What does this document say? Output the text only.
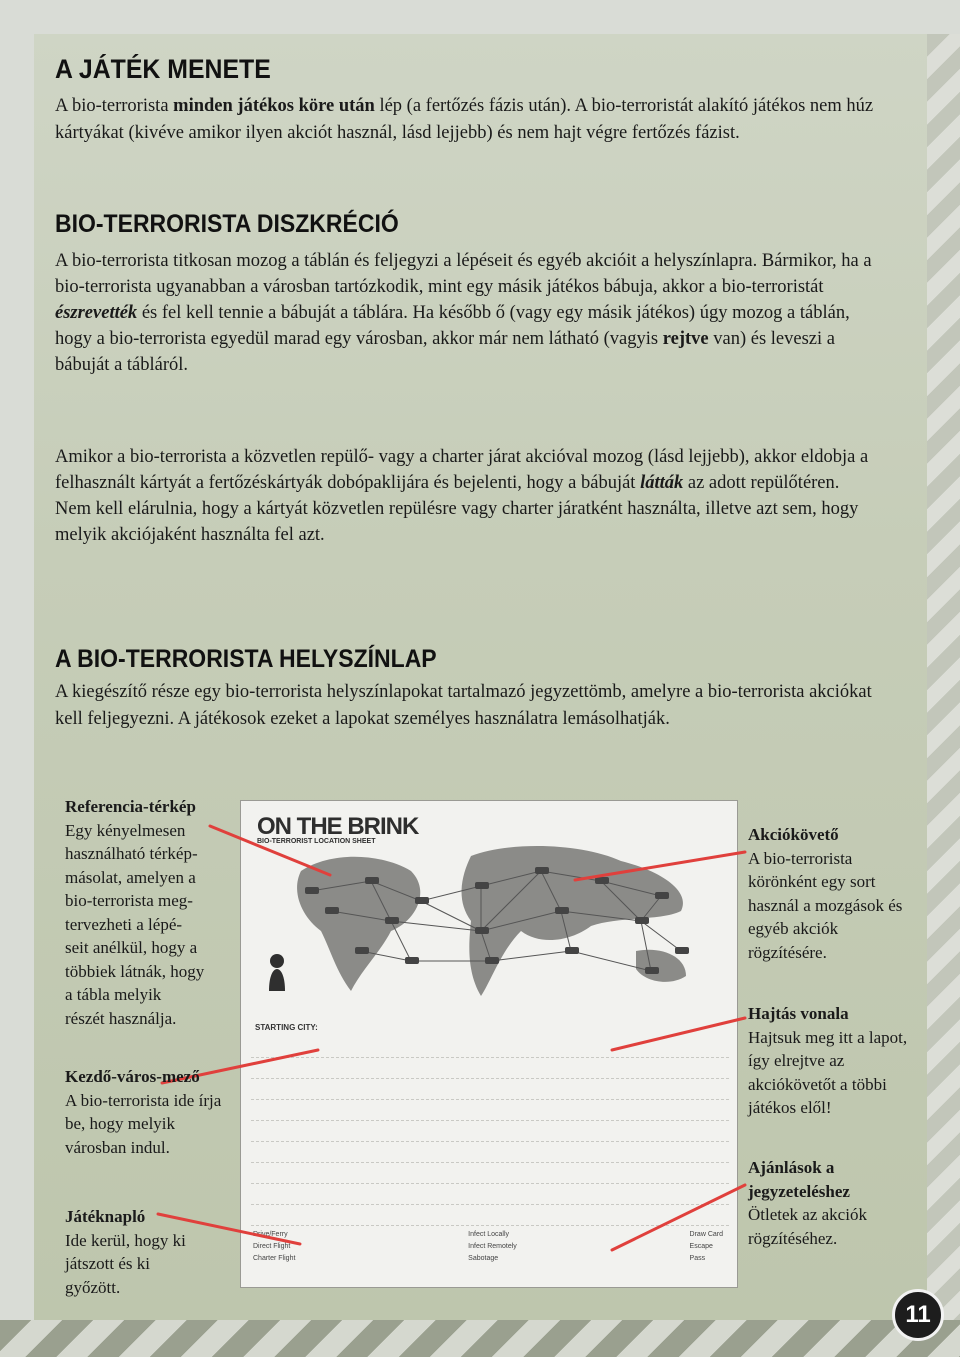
A JÁTÉK MENETE

A bio-terrorista minden játékos köre után lép (a fertőzés fázis után). A bio-terroristát alakító játékos nem húz kártyákat (kivéve amikor ilyen akciót használ, lásd lejjebb) és nem hajt végre fertőzés fázist.

BIO-TERRORISTA DISZKRÉCIÓ

A bio-terrorista titkosan mozog a táblán és feljegyzi a lépéseit és egyéb akcióit a helyszínlapra. Bármikor, ha a bio-terrorista ugyanabban a városban tartózkodik, mint egy másik játékos bábuja, akkor a bio-terroristát észrevették és fel kell tennie a bábuját a táblára. Ha később ő (vagy egy másik játékos) úgy mozog a táblán, hogy a bio-terrorista egyedül marad egy városban, akkor már nem látható (vagyis rejtve van) és leveszi a bábuját a tábláról.

Amikor a bio-terrorista a közvetlen repülő- vagy a charter járat akcióval mozog (lásd lejjebb), akkor eldobja a felhasznált kártyát a fertőzéskártyák dobópaklijára és bejelenti, hogy a bábuját látták az adott repülőtéren. Nem kell elárulnia, hogy a kártyát közvetlen repülésre vagy charter járatként használta, illetve azt sem, hogy melyik akciójaként használta fel azt.

A BIO-TERRORISTA HELYSZÍNLAP

A kiegészítő része egy bio-terrorista helyszínlapokat tartalmazó jegyzettömb, amelyre a bio-terrorista akciókat kell feljegyezni. A játékosok ezeket a lapokat személyes használatra lemásolhatják.

ON THE BRINK
BIO-TERRORIST LOCATION SHEET
STARTING CITY:
Drive/Ferry
Direct Flight
Charter Flight
Infect Locally
Infect Remotely
Sabotage
Draw Card
Escape
Pass
Referencia-térkép
Egy kényelmesen használható térkép-másolat, amelyen a bio-terrorista meg-tervezheti a lépé-seit anélkül, hogy a többiek látnák, hogy a tábla melyik részét használja.
Kezdő-város-mező
A bio-terrorista ide írja be, hogy melyik városban indul.
Játéknapló
Ide kerül, hogy ki játszott és ki győzött.
Akciókövető
A bio-terrorista körönként egy sort használ a mozgások és egyéb akciók rögzítésére.
Hajtás vonala
Hajtsuk meg itt a lapot, így elrejtve az akciókövetőt a többi játékos elől!
Ajánlások a jegyzeteléshez
Ötletek az akciók rögzítéséhez.
11
